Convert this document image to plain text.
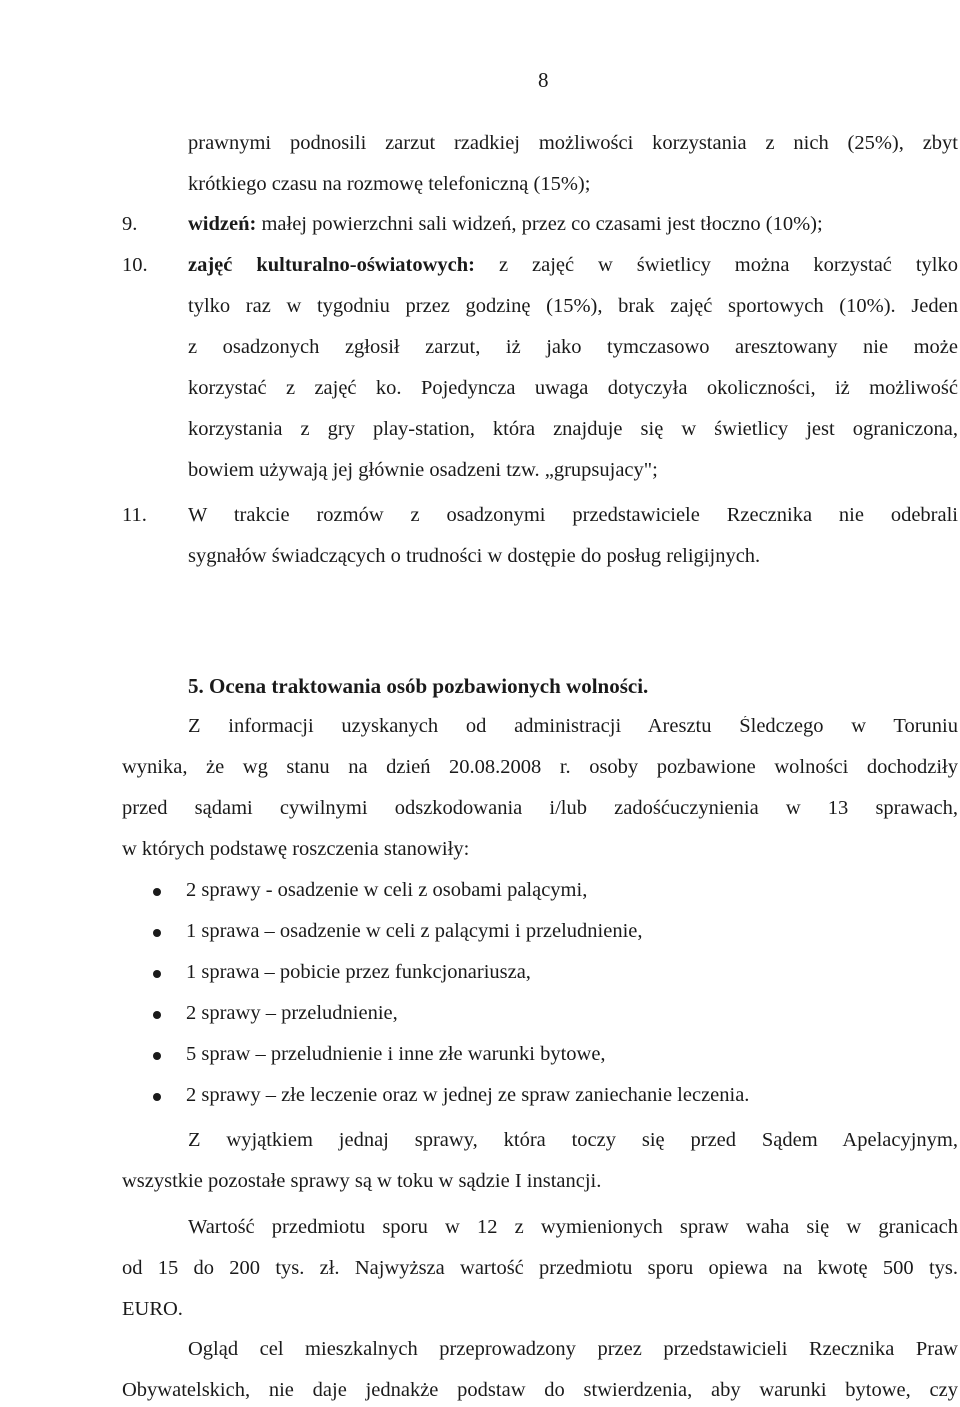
8
prawnymi podnosili zarzut rzadkiej możliwości korzystania z nich (25%), zbyt
krótkiego czasu na rozmowę telefoniczną (15%);
9. widzeń: małej powierzchni sali widzeń, przez co czasami jest tłoczno (10%);
10. zajęć kulturalno-oświatowych: z zajęć w świetlicy można korzystać tylko
tylko raz w tygodniu przez godzinę (15%), brak zajęć sportowych (10%). Jeden
z osadzonych zgłosił zarzut, iż jako tymczasowo aresztowany nie może
korzystać z zajęć ko. Pojedyncza uwaga dotyczyła okoliczności, iż możliwość
korzystania z gry play-station, która znajduje się w świetlicy jest ograniczona,
bowiem używają jej głównie osadzeni tzw. „grupsujacy";
11. W trakcie rozmów z osadzonymi przedstawiciele Rzecznika nie odebrali
sygnałów świadczących o trudności w dostępie do posług religijnych.
5. Ocena traktowania osób pozbawionych wolności.
Z informacji uzyskanych od administracji Aresztu Śledczego w Toruniu
wynika, że wg stanu na dzień 20.08.2008 r. osoby pozbawione wolności dochodziły
przed sądami cywilnymi odszkodowania i/lub zadośćuczynienia w 13 sprawach,
w których podstawę roszczenia stanowiły:
2 sprawy - osadzenie w celi z osobami palącymi,
1 sprawa – osadzenie w celi z palącymi i przeludnienie,
1 sprawa – pobicie przez funkcjonariusza,
2 sprawy – przeludnienie,
5 spraw – przeludnienie i inne złe warunki bytowe,
2 sprawy – złe leczenie oraz w jednej ze spraw zaniechanie leczenia.
Z wyjątkiem jednaj sprawy, która toczy się przed Sądem Apelacyjnym,
wszystkie pozostałe sprawy są w toku w sądzie I instancji.
Wartość przedmiotu sporu w 12 z wymienionych spraw waha się w granicach
od 15 do 200 tys. zł. Najwyższa wartość przedmiotu sporu opiewa na kwotę 500 tys.
EURO.
Ogląd cel mieszkalnych przeprowadzony przez przedstawicieli Rzecznika Praw
Obywatelskich, nie daje jednakże podstaw do stwierdzenia, aby warunki bytowe, czy
